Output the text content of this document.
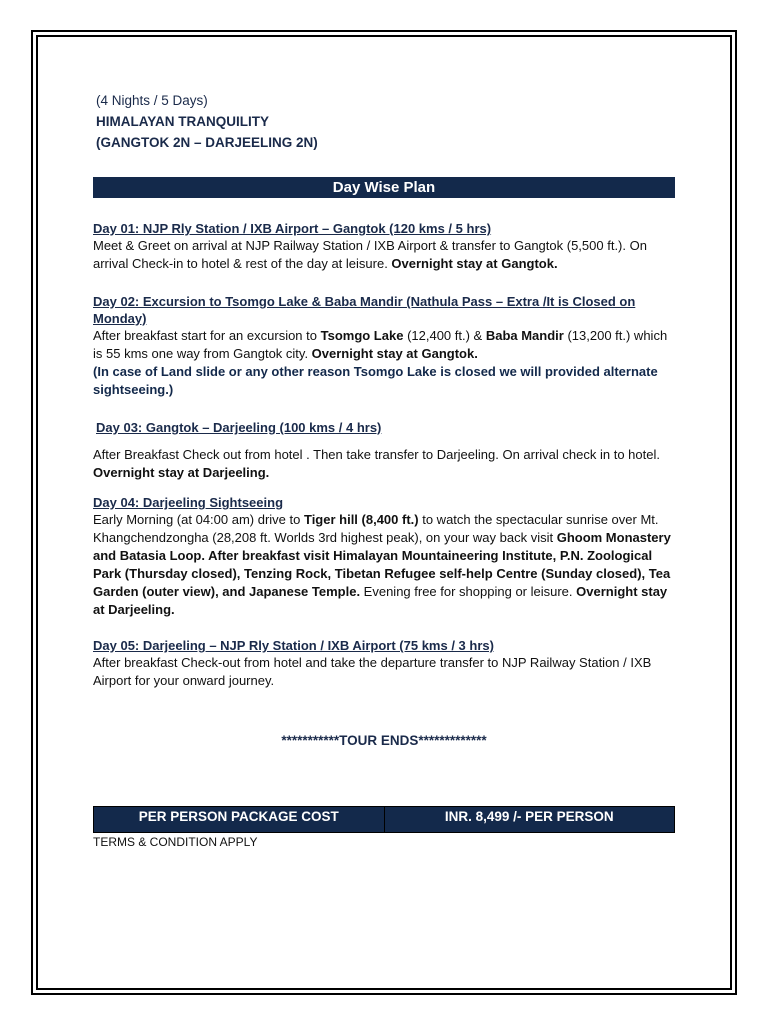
(4 Nights / 5 Days)
HIMALAYAN TRANQUILITY
(GANGTOK 2N – DARJEELING 2N)
Day Wise Plan
Day 01: NJP Rly Station / IXB Airport – Gangtok (120 kms / 5 hrs)
Meet & Greet on arrival at NJP Railway Station / IXB Airport & transfer to Gangtok (5,500 ft.). On arrival Check-in to hotel & rest of the day at leisure. Overnight stay at Gangtok.
Day 02: Excursion to Tsomgo Lake & Baba Mandir (Nathula Pass – Extra /It is Closed on Monday)
After breakfast start for an excursion to Tsomgo Lake (12,400 ft.) & Baba Mandir (13,200 ft.) which is 55 kms one way from Gangtok city. Overnight stay at Gangtok.
(In case of Land slide or any other reason Tsomgo Lake is closed we will provided alternate sightseeing.)
Day 03: Gangtok – Darjeeling (100 kms / 4 hrs)
After Breakfast Check out from hotel . Then take transfer to Darjeeling. On arrival check in to hotel. Overnight stay at Darjeeling.
Day 04: Darjeeling Sightseeing
Early Morning (at 04:00 am) drive to Tiger hill (8,400 ft.) to watch the spectacular sunrise over Mt. Khangchendzongha (28,208 ft. Worlds 3rd highest peak), on your way back visit Ghoom Monastery and Batasia Loop. After breakfast visit Himalayan Mountaineering Institute, P.N. Zoological Park (Thursday closed), Tenzing Rock, Tibetan Refugee self-help Centre (Sunday closed), Tea Garden (outer view), and Japanese Temple. Evening free for shopping or leisure. Overnight stay at Darjeeling.
Day 05: Darjeeling – NJP Rly Station / IXB Airport (75 kms / 3 hrs)
After breakfast Check-out from hotel and take the departure transfer to NJP Railway Station / IXB Airport for your onward journey.
***********TOUR ENDS*************
PER PERSON PACKAGE COST	INR. 8,499 /- PER PERSON
TERMS & CONDITION APPLY
